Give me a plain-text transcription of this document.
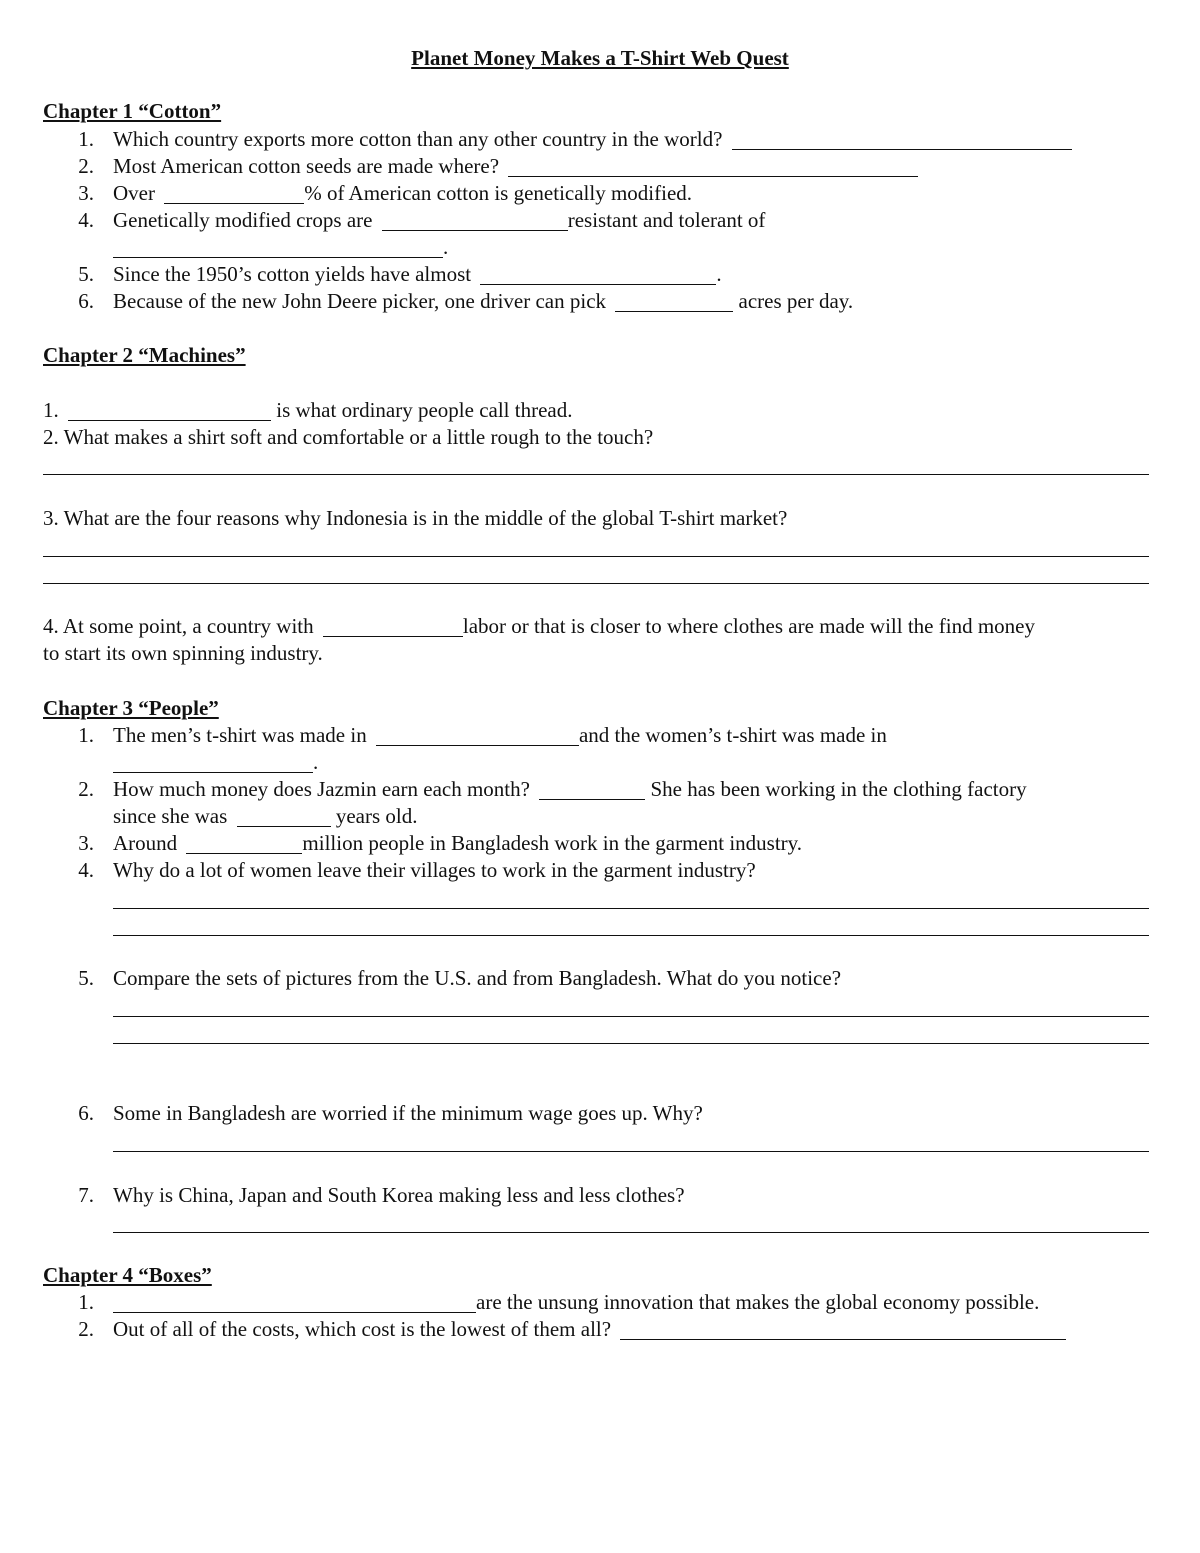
Planet Money Makes a T-Shirt Web Quest
Chapter 1 “Cotton”
1. Which country exports more cotton than any other country in the world?
2. Most American cotton seeds are made where?
3. Over	% of American cotton is genetically modified.
4. Genetically modified crops are	resistant and tolerant of
.
5. Since the 1950’s cotton yields have almost	.
6. Because of the new John Deere picker, one driver can pick	acres per day.
Chapter 2 “Machines”
1.	is what ordinary people call thread.
2. What makes a shirt soft and comfortable or a little rough to the touch?
3. What are the four reasons why Indonesia is in the middle of the global T-shirt market?
4. At some point, a country with	labor or that is closer to where clothes are made will the find money
to start its own spinning industry.
Chapter 3 “People”
1. The men’s t-shirt was made in	and the women’s t-shirt was made in
.
2. How much money does Jazmin earn each month?	She has been working in the clothing factory
since she was	years old.
3. Around	million people in Bangladesh work in the garment industry.
4. Why do a lot of women leave their villages to work in the garment industry?
5. Compare the sets of pictures from the U.S. and from Bangladesh. What do you notice?
6. Some in Bangladesh are worried if the minimum wage goes up. Why?
7. Why is China, Japan and South Korea making less and less clothes?
Chapter 4 “Boxes”
1.	are the unsung innovation that makes the global economy possible.
2. Out of all of the costs, which cost is the lowest of them all?
